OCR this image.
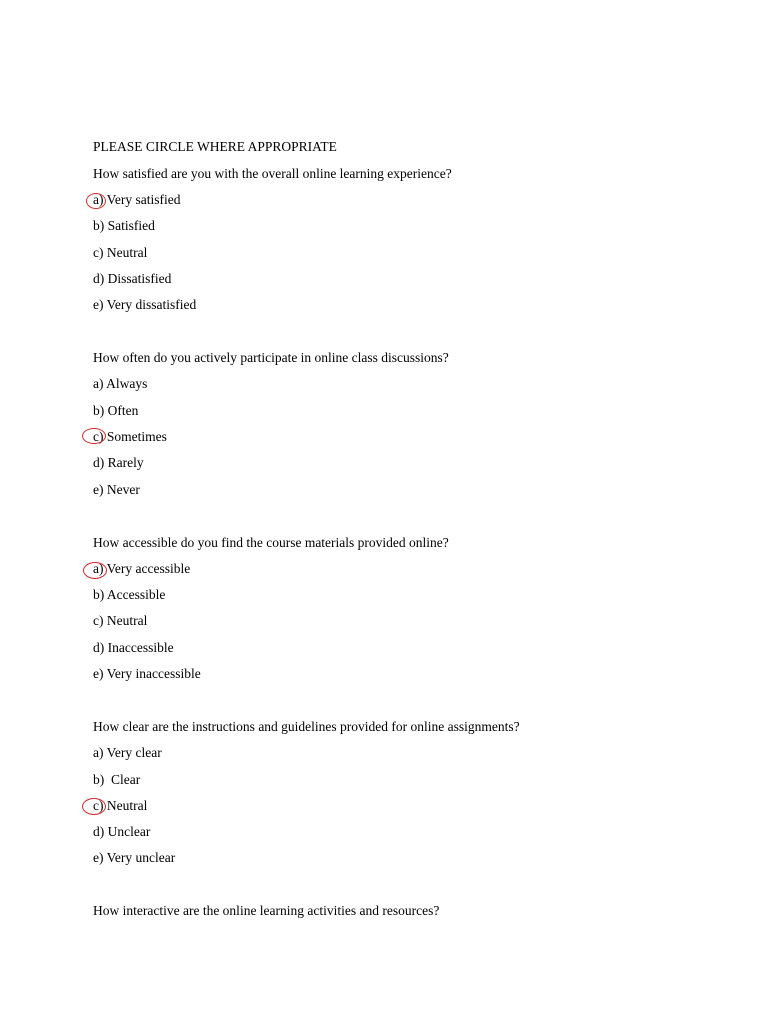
PLEASE CIRCLE WHERE APPROPRIATE
How satisfied are you with the overall online learning experience?
a) Very satisfied
b) Satisfied
c) Neutral
d) Dissatisfied
e) Very dissatisfied
How often do you actively participate in online class discussions?
a) Always
b) Often
c) Sometimes
d) Rarely
e) Never
How accessible do you find the course materials provided online?
a) Very accessible
b) Accessible
c) Neutral
d) Inaccessible
e) Very inaccessible
How clear are the instructions and guidelines provided for online assignments?
a) Very clear
b)  Clear
c) Neutral
d) Unclear
e) Very unclear
How interactive are the online learning activities and resources?
